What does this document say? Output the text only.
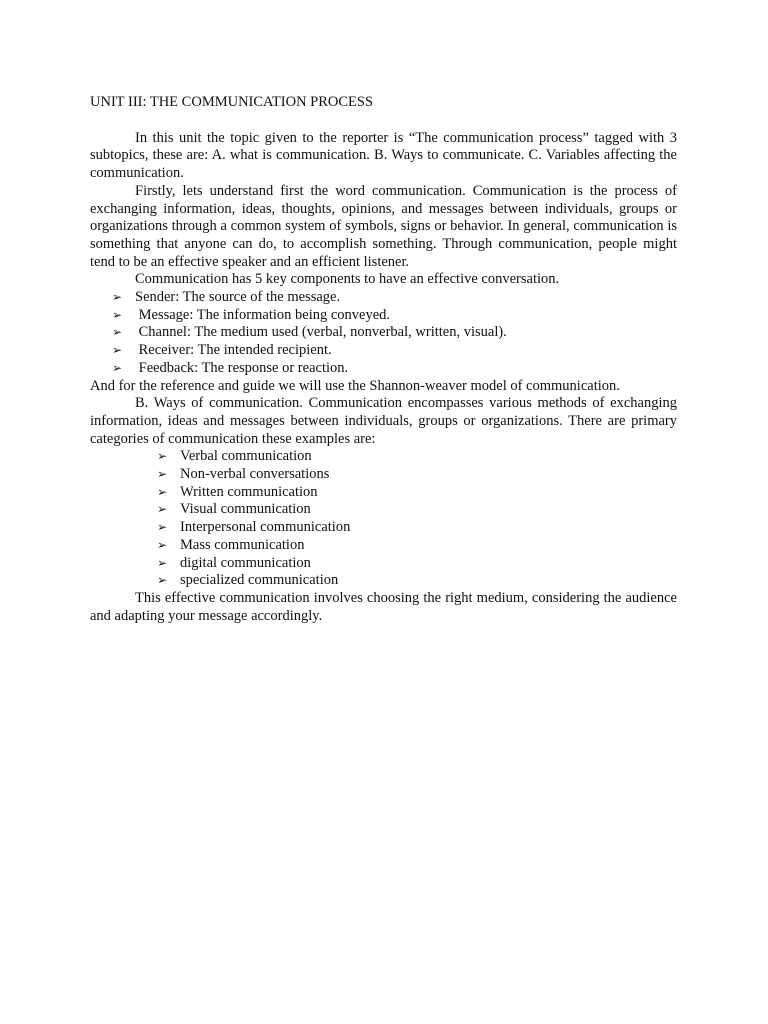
UNIT III: THE COMMUNICATION PROCESS

In this unit the topic given to the reporter is “The communication process” tagged with 3 subtopics, these are: A. what is communication. B. Ways to communicate. C. Variables affecting the communication.

Firstly, lets understand first the word communication. Communication is the process of exchanging information, ideas, thoughts, opinions, and messages between individuals, groups or organizations through a common system of symbols, signs or behavior. In general, communication is something that anyone can do, to accomplish something. Through communication, people might tend to be an effective speaker and an efficient listener.

Communication has 5 key components to have an effective conversation.

➢ Sender: The source of the message.
➢ Message: The information being conveyed.
➢ Channel: The medium used (verbal, nonverbal, written, visual).
➢ Receiver: The intended recipient.
➢ Feedback: The response or reaction.

And for the reference and guide we will use the Shannon-weaver model of communication.

B. Ways of communication. Communication encompasses various methods of exchanging information, ideas and messages between individuals, groups or organizations. There are primary categories of communication these examples are:

➢ Verbal communication
➢ Non-verbal conversations
➢ Written communication
➢ Visual communication
➢ Interpersonal communication
➢ Mass communication
➢ digital communication
➢ specialized communication

This effective communication involves choosing the right medium, considering the audience and adapting your message accordingly.
